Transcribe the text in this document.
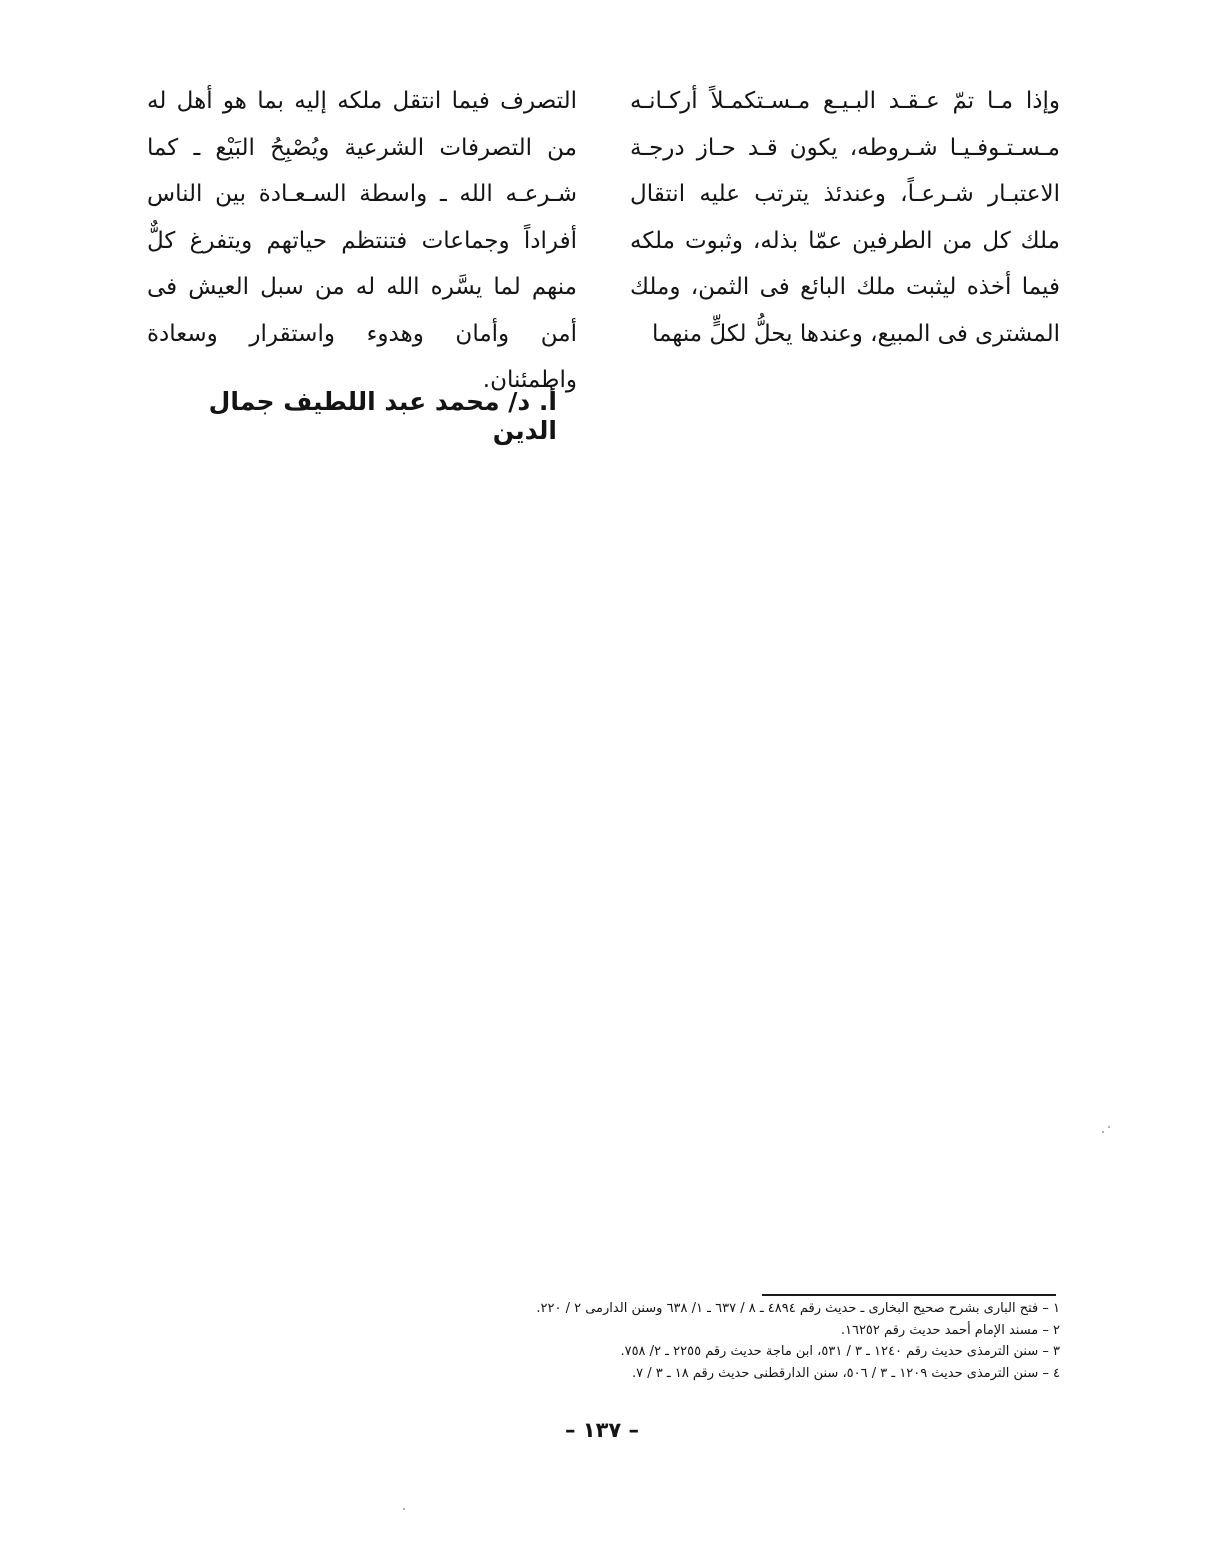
وإذا مـا تمّ عـقـد البـيـع مـسـتكمـلاً أركـانـه مـسـتـوفـيـا شـروطه، يكون قـد حـاز درجـة الاعتبـار شـرعـاً، وعندئذ يترتب عليه انتقال ملك كل من الطرفين عمّا بذله، وثبوت ملكه فيما أخذه ليثبت ملك البائع فى الثمن، وملك المشترى فى المبيع، وعندها يحلُّ لكلٍّ منهما

التصرف فيما انتقل ملكه إليه بما هو أهل له من التصرفات الشرعية ويُصْبِحُ البَيْع ـ كما شـرعـه الله ـ واسطة السـعـادة بين الناس أفراداً وجماعات فتنتظم حياتهم ويتفرغ كلٌّ منهم لما يسَّره الله له من سبل العيش فى أمن وأمان وهدوء واستقرار وسعادة واطمئنان.

أ. د/ محمد عبد اللطيف جمال الدين
١ – فتح البارى بشرح صحيح البخارى ـ حديث رقم ٤٨٩٤ ـ ٨ / ٦٣٧ ـ ١/ ٦٣٨ وسنن الدارمى ٢ / ٢٢٠.
٢ – مسند الإمام أحمد حديث رقم ١٦٢٥٢.
٣ – سنن الترمذى حديث رقم ١٢٤٠ ـ ٣ / ٥٣١، ابن ماجة حديث رقم ٢٢٥٥ ـ ٢/ ٧٥٨.
٤ – سنن الترمذى حديث ١٢٠٩ ـ ٣ / ٥٠٦، سنن الدارقطنى حديث رقم ١٨ ـ ٣ / ٧.
– ١٣٧ –
